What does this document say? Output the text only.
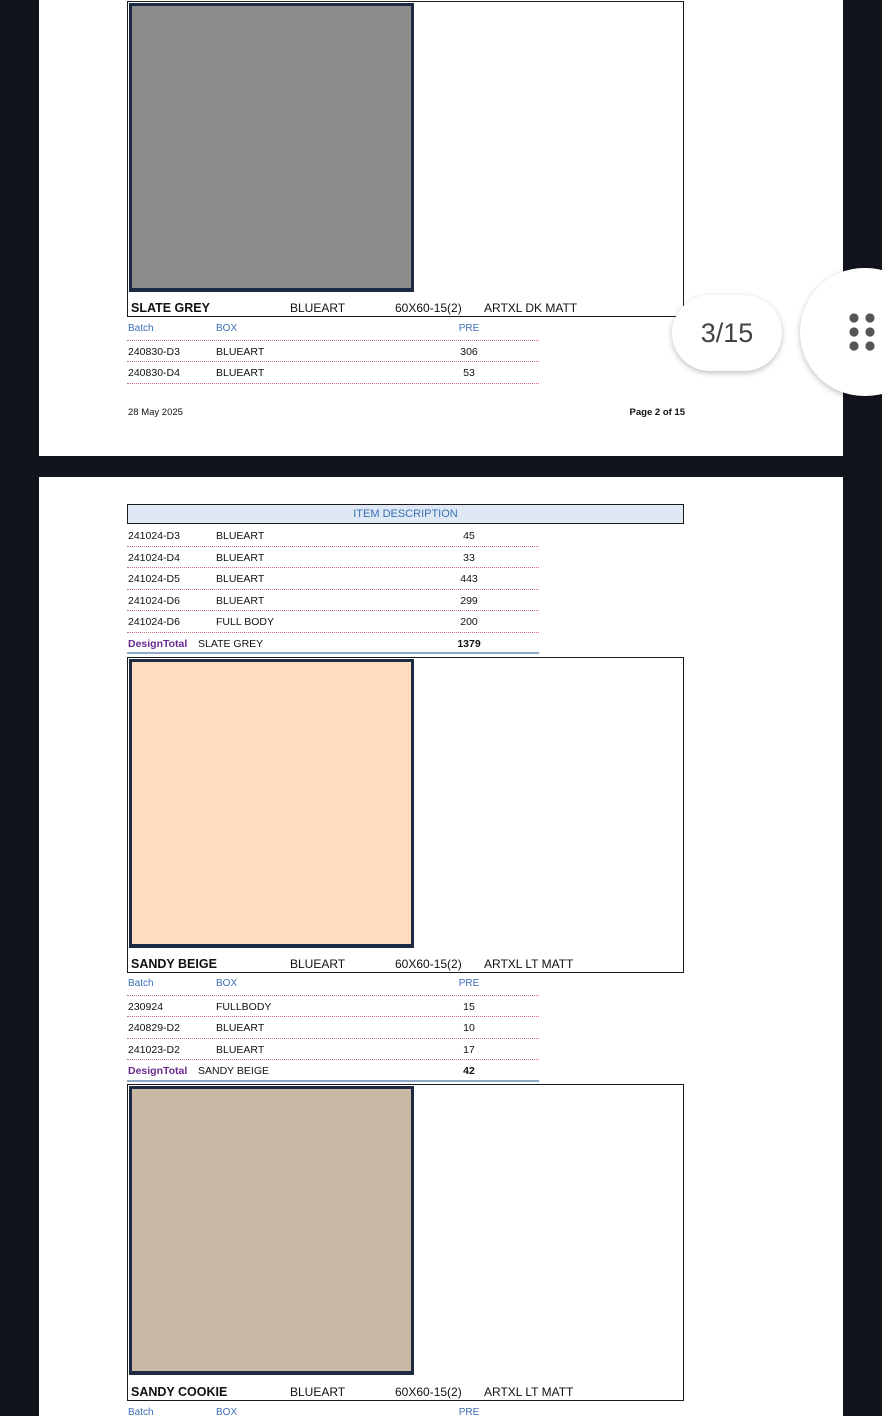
SLATE GREY	BLUEART	60X60-15(2) ARTXL DK MATT
Batch	BOX	PRE
240830-D3	BLUEART	306
240830-D4	BLUEART	53
28 May 2025	Page 2 of 15
ITEM DESCRIPTION
241024-D3	BLUEART	45
241024-D4	BLUEART	33
241024-D5	BLUEART	443
241024-D6	BLUEART	299
241024-D6	FULL BODY	200
DesignTotal SLATE GREY	1379
SANDY BEIGE	BLUEART	60X60-15(2) ARTXL LT MATT
Batch	BOX	PRE
230924	FULLBODY	15
240829-D2	BLUEART	10
241023-D2	BLUEART	17
DesignTotal SANDY BEIGE	42
SANDY COOKIE	BLUEART	60X60-15(2) ARTXL LT MATT
Batch	BOX	PRE
3/15
